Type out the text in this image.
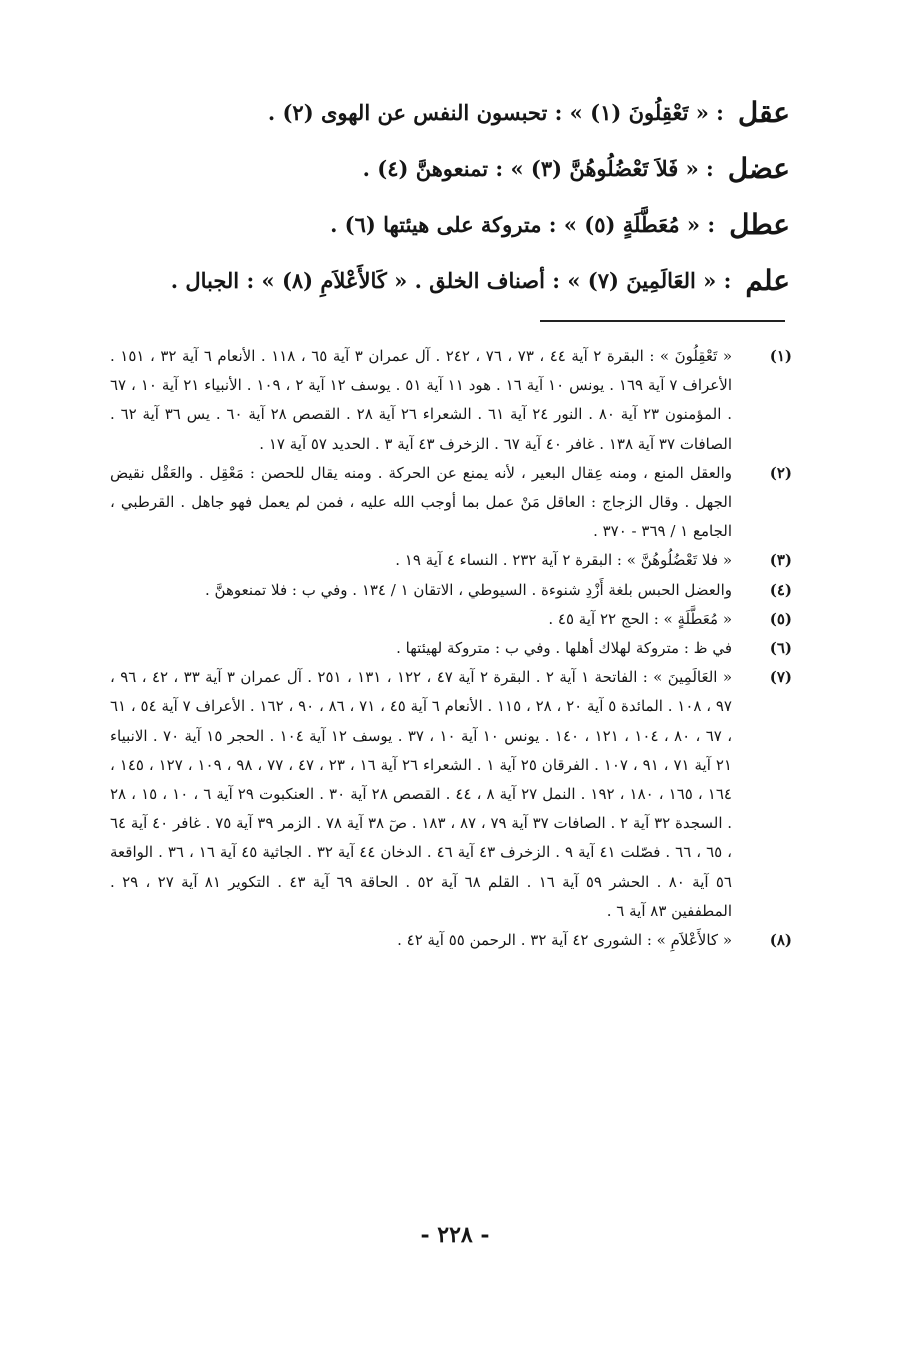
عقل
: « تَعْقِلُونَ (١) » : تحبسون النفس عن الهوى (٢) .
عضل
: « فَلاَ تَعْضُلُوهُنَّ (٣) » : تمنعوهنَّ (٤) .
عطل
: « مُعَطَّلَةٍ (٥) » : متروكة على هيئتها (٦) .
علم
: « العَالَمِينَ (٧) » : أصناف الخلق . « كَالأَعْلاَمِ (٨) » : الجبال .
(١)
« تَعْقِلُونَ » : البقرة ٢ آية ٤٤ ، ٧٣ ، ٧٦ ، ٢٤٢ . آل عمران ٣ آية ٦٥ ، ١١٨ . الأنعام ٦ آية ٣٢ ، ١٥١ . الأعراف ٧ آية ١٦٩ . يونس ١٠ آية ١٦ . هود ١١ آية ٥١ . يوسف ١٢ آية ٢ ، ١٠٩ . الأنبياء ٢١ آية ١٠ ، ٦٧ . المؤمنون ٢٣ آية ٨٠ . النور ٢٤ آية ٦١ . الشعراء ٢٦ آية ٢٨ . القصص ٢٨ آية ٦٠ . يس ٣٦ آية ٦٢ . الصافات ٣٧ آية ١٣٨ . غافر ٤٠ آية ٦٧ . الزخرف ٤٣ آية ٣ . الحديد ٥٧ آية ١٧ .
(٢)
والعقل المنع ، ومنه عِقال البعير ، لأنه يمنع عن الحركة . ومنه يقال للحصن : مَعْقِل . والعَقْل نقيض الجهل . وقال الزجاج : العاقل مَنْ عمل بما أوجب الله عليه ، فمن لم يعمل فهو جاهل . القرطبي ، الجامع ١ / ٣٦٩ - ٣٧٠ .
(٣)
« فلا تَعْضُلُوهُنَّ » : البقرة ٢ آية ٢٣٢ . النساء ٤ آية ١٩ .
(٤)
والعضل الحبس بلغة أَزْدِ شنوءة . السيوطي ، الاتقان ١ / ١٣٤ . وفي ب : فلا تمنعوهنَّ .
(٥)
« مُعَطَّلَةٍ » : الحج ٢٢ آية ٤٥ .
(٦)
في ظ : متروكة لهلاك أهلها . وفي ب : متروكة لهيئتها .
(٧)
« العَالَمِينَ » : الفاتحة ١ آية ٢ . البقرة ٢ آية ٤٧ ، ١٢٢ ، ١٣١ ، ٢٥١ . آل عمران ٣ آية ٣٣ ، ٤٢ ، ٩٦ ، ٩٧ ، ١٠٨ . المائدة ٥ آية ٢٠ ، ٢٨ ، ١١٥ . الأنعام ٦ آية ٤٥ ، ٧١ ، ٨٦ ، ٩٠ ، ١٦٢ . الأعراف ٧ آية ٥٤ ، ٦١ ، ٦٧ ، ٨٠ ، ١٠٤ ، ١٢١ ، ١٤٠ . يونس ١٠ آية ١٠ ، ٣٧ . يوسف ١٢ آية ١٠٤ . الحجر ١٥ آية ٧٠ . الانبياء ٢١ آية ٧١ ، ٩١ ، ١٠٧ . الفرقان ٢٥ آية ١ . الشعراء ٢٦ آية ١٦ ، ٢٣ ، ٤٧ ، ٧٧ ، ٩٨ ، ١٠٩ ، ١٢٧ ، ١٤٥ ، ١٦٤ ، ١٦٥ ، ١٨٠ ، ١٩٢ . النمل ٢٧ آية ٨ ، ٤٤ . القصص ٢٨ آية ٣٠ . العنكبوت ٢٩ آية ٦ ، ١٠ ، ١٥ ، ٢٨ . السجدة ٣٢ آية ٢ . الصافات ٣٧ آية ٧٩ ، ٨٧ ، ١٨٣ . صٓ ٣٨ آية ٧٨ . الزمر ٣٩ آية ٧٥ . غافر ٤٠ آية ٦٤ ، ٦٥ ، ٦٦ . فصّلت ٤١ آية ٩ . الزخرف ٤٣ آية ٤٦ . الدخان ٤٤ آية ٣٢ . الجاثية ٤٥ آية ١٦ ، ٣٦ . الواقعة ٥٦ آية ٨٠ . الحشر ٥٩ آية ١٦ . القلم ٦٨ آية ٥٢ . الحاقة ٦٩ آية ٤٣ . التكوير ٨١ آية ٢٧ ، ٢٩ . المطففين ٨٣ آية ٦ .
(٨)
« كالأَعْلاَمِ » : الشورى ٤٢ آية ٣٢ . الرحمن ٥٥ آية ٤٢ .
- ٢٢٨ -
